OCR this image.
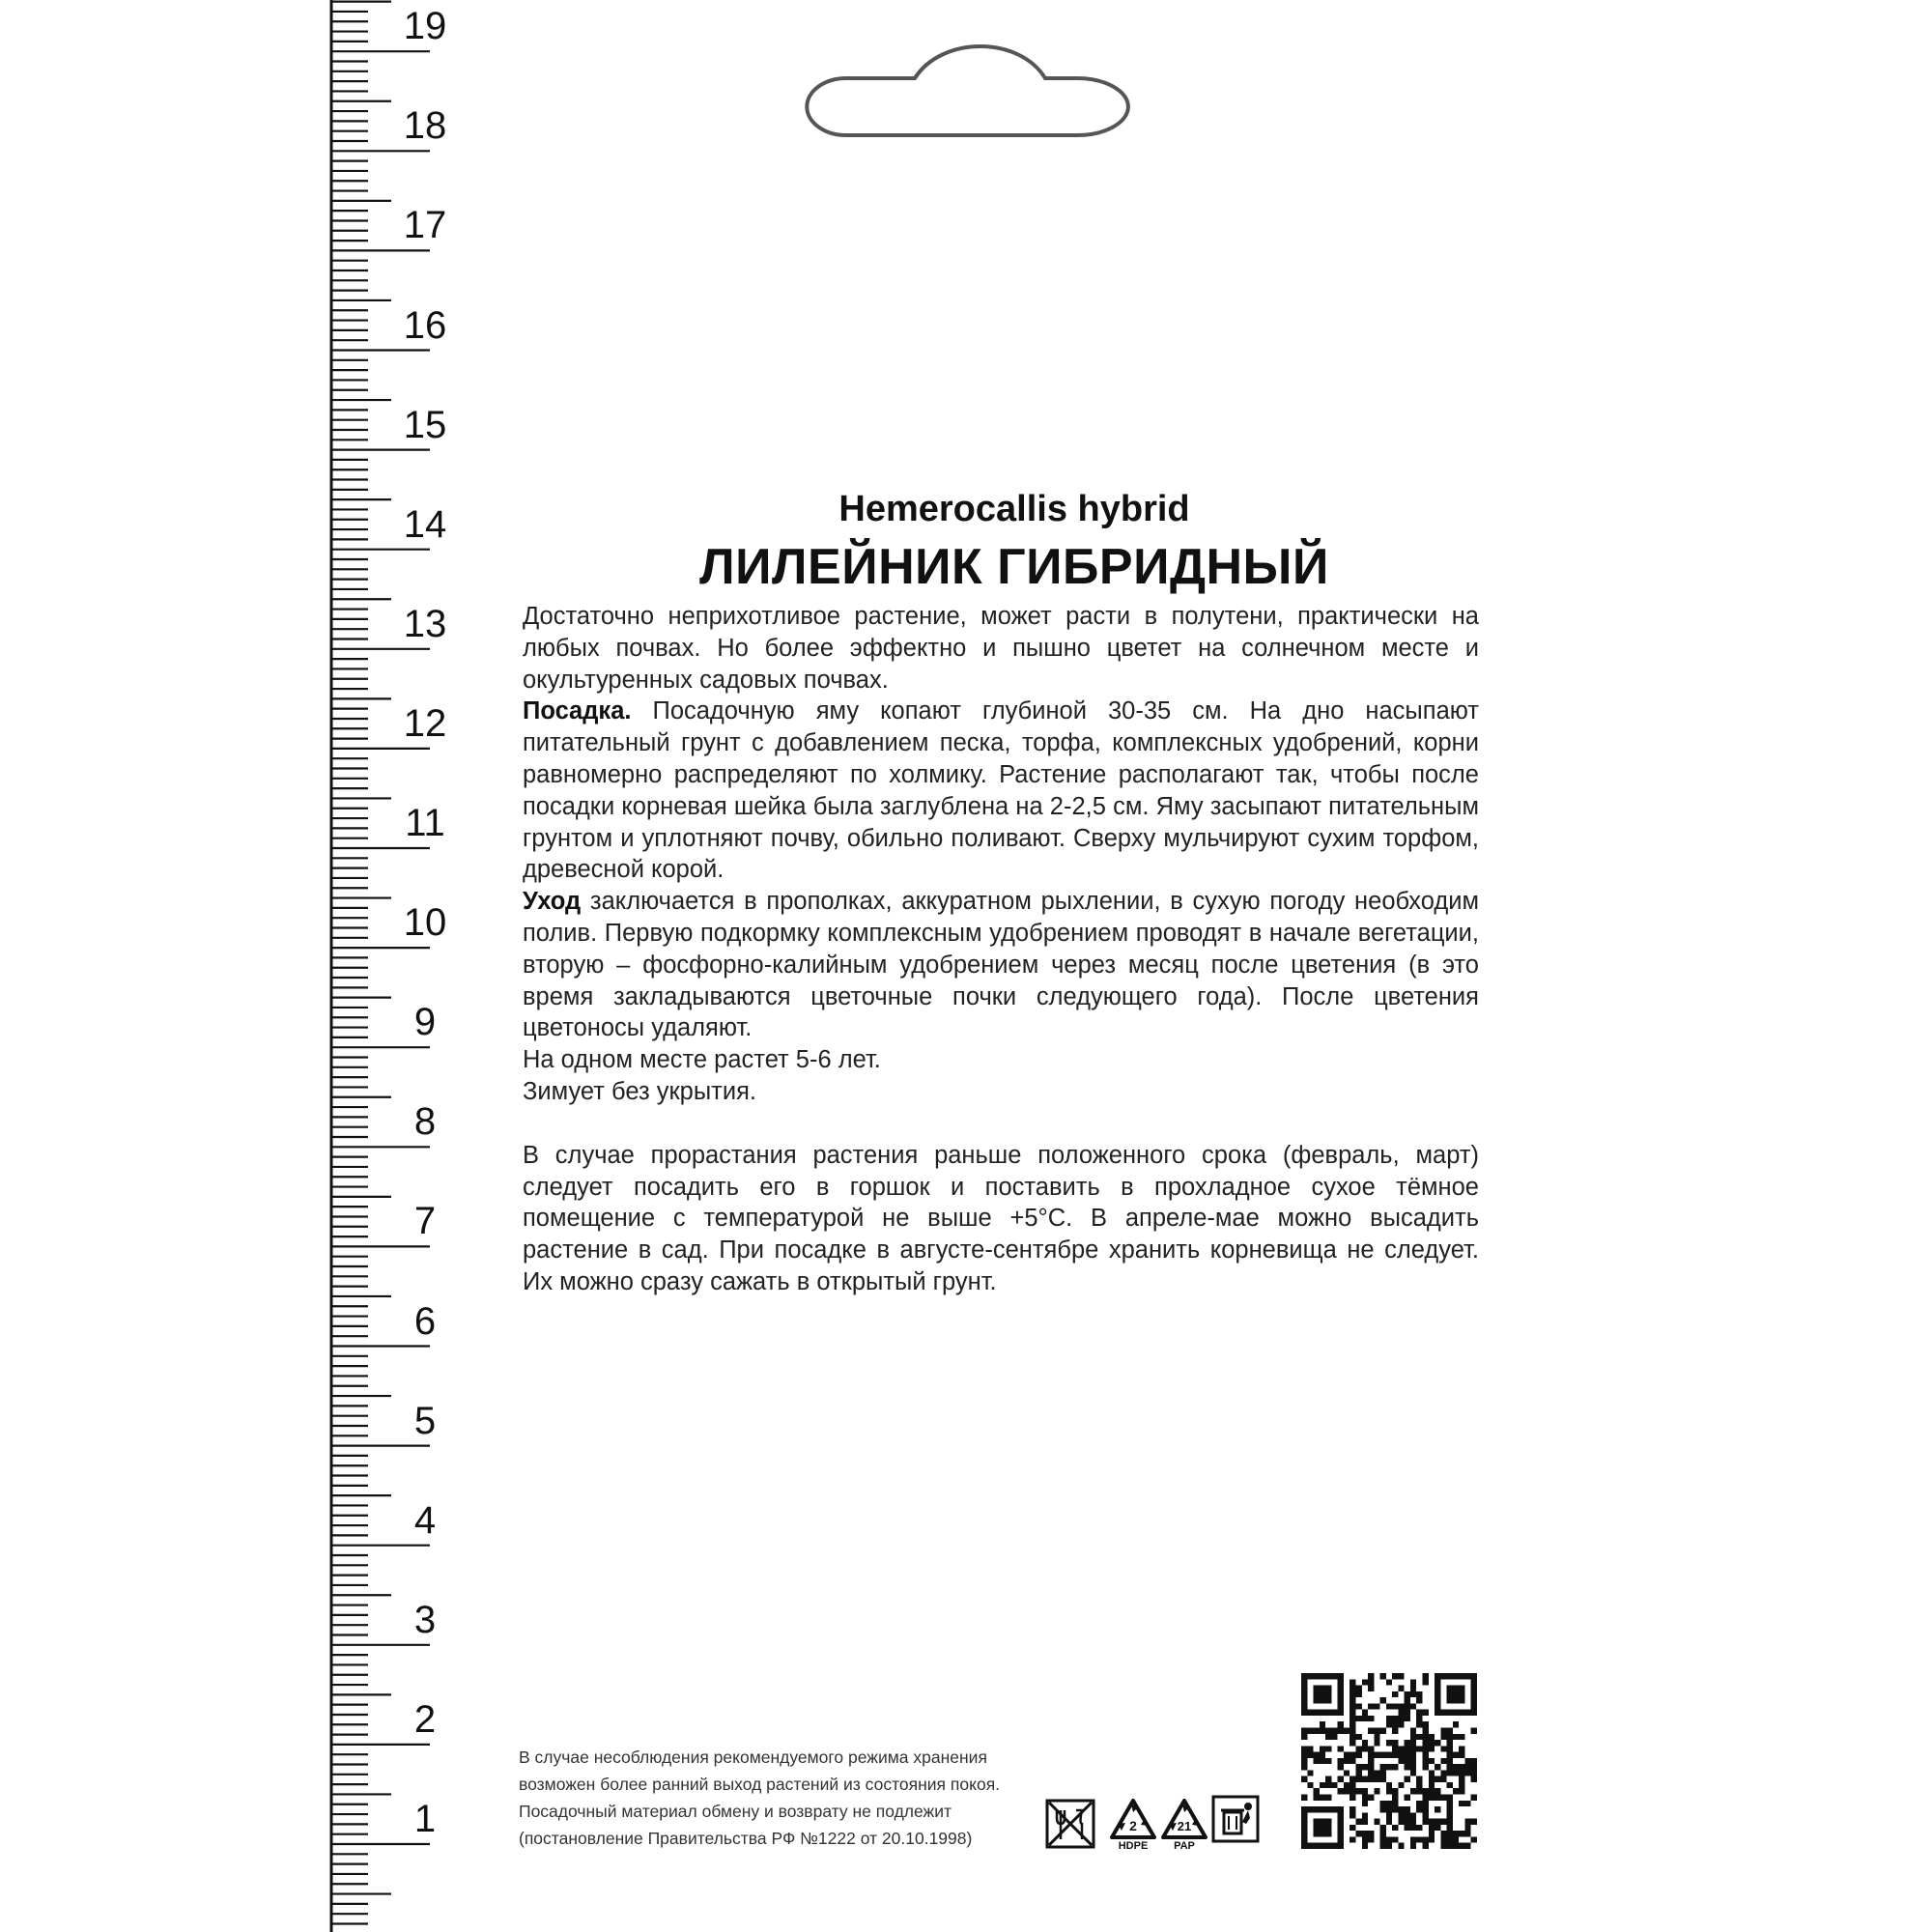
19
18
17
16
15
14
13
12
11
10
9
8
7
6
5
4
3
2
1
Hemerocallis hybrid
ЛИЛЕЙНИК ГИБРИДНЫЙ

Достаточно неприхотливое растение, может расти в полутени, практически на любых почвах. Но более эффектно и пышно цветет на солнечном месте и окультуренных садовых почвах.

Посадка. Посадочную яму копают глубиной 30-35 см. На дно насыпают питательный грунт с добавлением песка, торфа, комплексных удобрений, корни равномерно распределяют по холмику. Растение располагают так, чтобы после посадки корневая шейка была заглублена на 2-2,5 см. Яму засыпают питательным грунтом и уплотняют почву, обильно поливают. Сверху мульчируют сухим торфом, древесной корой.

Уход заключается в прополках, аккуратном рыхлении, в сухую погоду необходим полив. Первую подкормку комплексным удобрением проводят в начале вегетации, вторую – фосфорно-калийным удобрением через месяц после цветения (в это время закладываются цветочные почки следующего года). После цветения цветоносы удаляют.

На одном месте растет 5-6 лет.

Зимует без укрытия.

В случае прорастания растения раньше положенного срока (февраль, март) следует посадить его в горшок и поставить в прохладное сухое тёмное помещение с температурой не выше +5°С. В апреле-мае можно высадить растение в сад. При посадке в августе-сентябре хранить корневища не следует. Их можно сразу сажать в открытый грунт.

В случае несоблюдения рекомендуемого режима хранения

возможен более ранний выход растений из состояния покоя.

Посадочный материал обмену и возврату не подлежит

(постановление Правительства РФ №1222 от 20.10.1998)

2
HDPE
21
PAP
